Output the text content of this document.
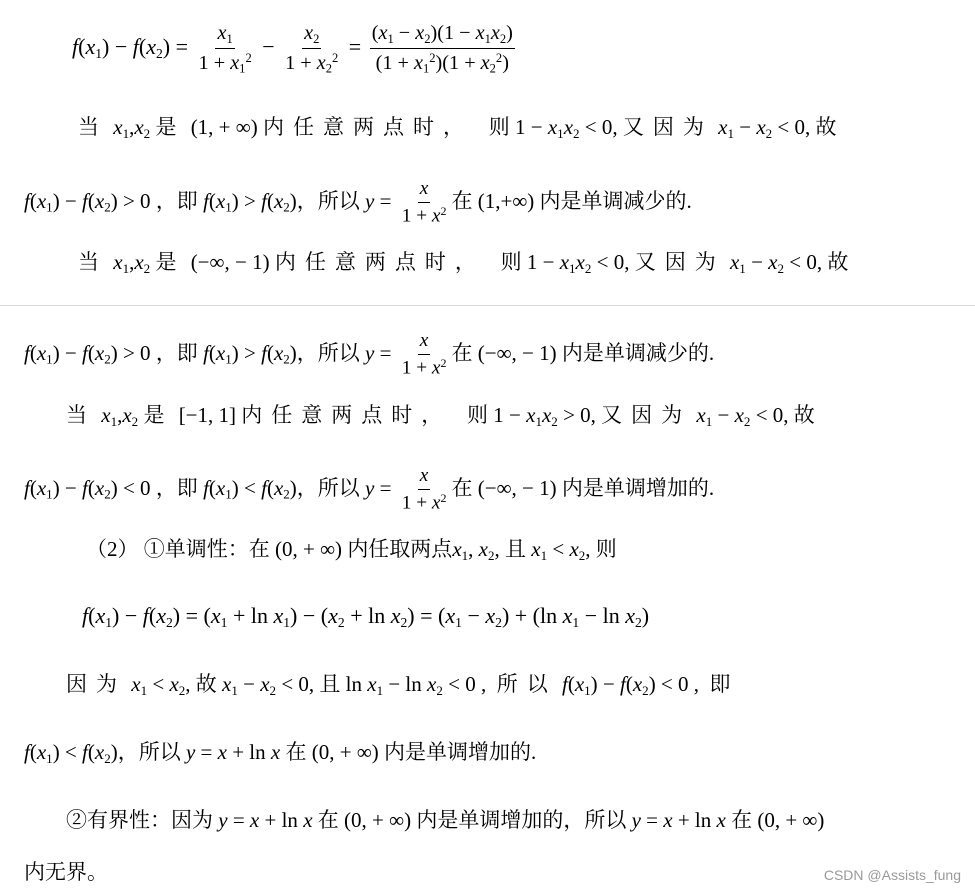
$f(x_1) - f(x_2) = \frac{x_1}{1 + x_1^2} - \frac{x_2}{1 + x_2^2} = \frac{(x_1 - x_2)(1 - x_1x_2)}{(1 + x_1^2)(1 + x_2^2)}$
当 $x_1,x_2$ 是 (1, + ∞) 内任意两点时， 则 $1 - x_1x_2 < 0$, 又因为 $x_1 - x_2 < 0$, 故
$f(x_1) - f(x_2) > 0$ ，即 $f(x_1) > f(x_2)$，所以 $y = \frac{x}{1 + x^2}$ 在 (1,+∞) 内是单调减少的.
当 $x_1,x_2$ 是 (−∞, − 1) 内任意两点时， 则 $1 - x_1x_2 < 0$, 又因为 $x_1 - x_2 < 0$, 故
$f(x_1) - f(x_2) > 0$ ，即 $f(x_1) > f(x_2)$，所以 $y = \frac{x}{1 + x^2}$ 在 (−∞, − 1) 内是单调减少的.
当 $x_1,x_2$ 是 [−1, 1] 内任意两点时， 则 $1 - x_1x_2 > 0$, 又因为 $x_1 - x_2 < 0$, 故
$f(x_1) - f(x_2) < 0$ ，即 $f(x_1) < f(x_2)$，所以 $y = \frac{x}{1 + x^2}$ 在 (−∞, − 1) 内是单调增加的.
（2） ①单调性：在 (0, + ∞) 内任取两点$x_1$, $x_2$, 且 $x_1 < x_2$, 则
$f(x_1) - f(x_2) = (x_1 + \ln x_1) - (x_2 + \ln x_2) = (x_1 - x_2) + (\ln$ $x_1 - \ln x_2$)
因为 $x_1 < x_2$, 故 $x_1 - x_2 < 0$, 且 $\ln x_1 - \ln x_2 < 0$ ,  所以 $f(x_1) - f(x_2) < 0$ ,  即
$f(x_1) < f(x_2)$，所以 y = x + ln x 在 (0, + ∞) 内是单调增加的.
②有界性：因为 y = x + ln x 在 (0, + ∞) 内是单调增加的，所以 y = x + ln x 在 (0, + ∞)
内无界。	CSDN @Assists_fung
